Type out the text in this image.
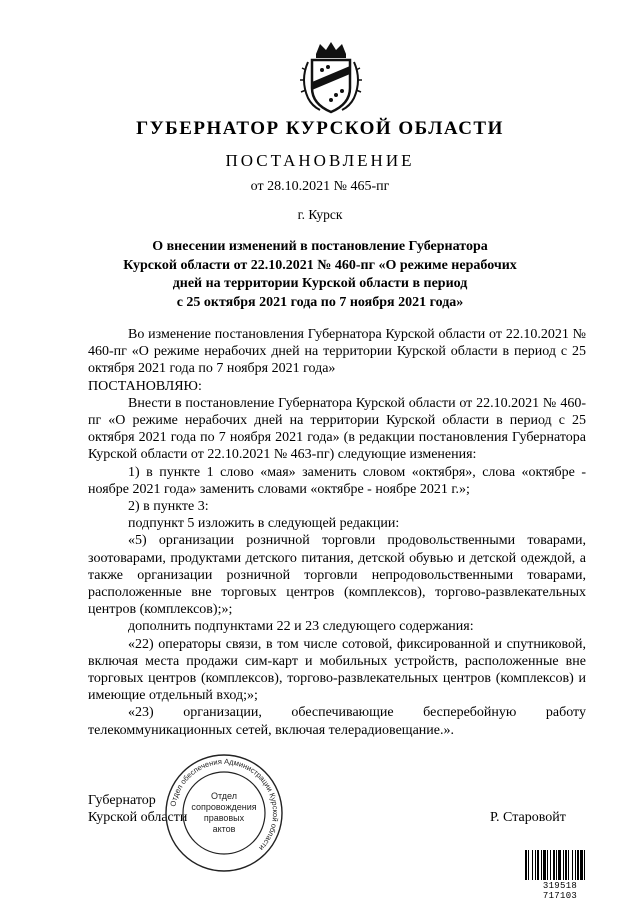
ГУБЕРНАТОР КУРСКОЙ ОБЛАСТИ
ПОСТАНОВЛЕНИЕ
от 28.10.2021 № 465-пг
г. Курск
О внесении изменений в постановление Губернатора
Курской области от 22.10.2021 № 460-пг «О режиме нерабочих
дней на территории Курской области в период
с 25 октября 2021 года по 7 ноября 2021 года»

Во изменение постановления Губернатора Курской области от 22.10.2021 № 460-пг «О режиме нерабочих дней на территории Курской области в период с 25 октября 2021 года по 7 ноября 2021 года»

ПОСТАНОВЛЯЮ:

Внести в постановление Губернатора Курской области от 22.10.2021 № 460-пг «О режиме нерабочих дней на территории Курской области в период с 25 октября 2021 года по 7 ноября 2021 года» (в редакции постановления Губернатора Курской области от 22.10.2021 № 463-пг) следующие изменения:

1) в пункте 1 слово «мая» заменить словом «октября», слова «октябре - ноябре 2021 года» заменить словами «октябре - ноябре 2021 г.»;

2) в пункте 3:

подпункт 5 изложить в следующей редакции:

«5) организации розничной торговли продовольственными товарами, зоотоварами, продуктами детского питания, детской обувью и детской одеждой, а также организации розничной торговли непродовольственными товарами, расположенные вне торговых центров (комплексов), торгово-развлекательных центров (комплексов);»;

дополнить подпунктами 22 и 23 следующего содержания:

«22) операторы связи, в том числе сотовой, фиксированной и спутниковой, включая места продажи сим-карт и мобильных устройств, расположенные вне торговых центров (комплексов), торгово-развлекательных центров (комплексов) и имеющие отдельный вход;»;

«23) организации, обеспечивающие бесперебойную работу телекоммуникационных сетей, включая телерадиовещание.».

Губернатор
Курской области	Р. Старовойт
Отдел обеспечения Администрации Курской области
Отдел
сопровождения
правовых
актов
319518 717103
